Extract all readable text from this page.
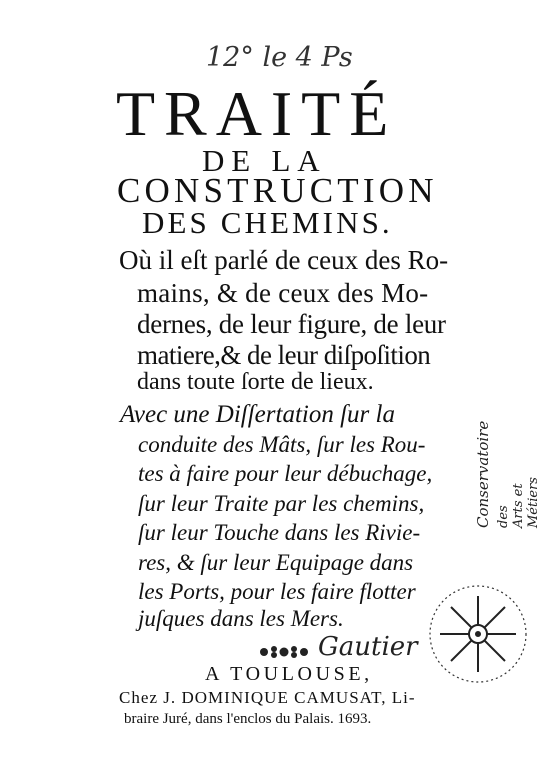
12° le 4 Ps
TRAITÉ
DE LA
CONSTRUCTION
DES CHEMINS.
Où il eſt parlé de ceux des Ro-
mains, & de ceux des Mo-
dernes, de leur figure, de leur
matiere,& de leur diſpoſition
dans toute ſorte de lieux.
Avec une Diſſertation ſur la
conduite des Mâts, ſur les Rou-
tes à faire pour leur débuchage,
ſur leur Traite par les chemins,
ſur leur Touche dans les Rivie-
res, & ſur leur Equipage dans
les Ports, pour les faire flotter
juſques dans les Mers.
Gautier
A TOULOUSE,
Chez J. DOMINIQUE CAMUSAT, Li-
braire Juré, dans l'enclos du Palais. 1693.
Conservatoire des Arts et Métiers
